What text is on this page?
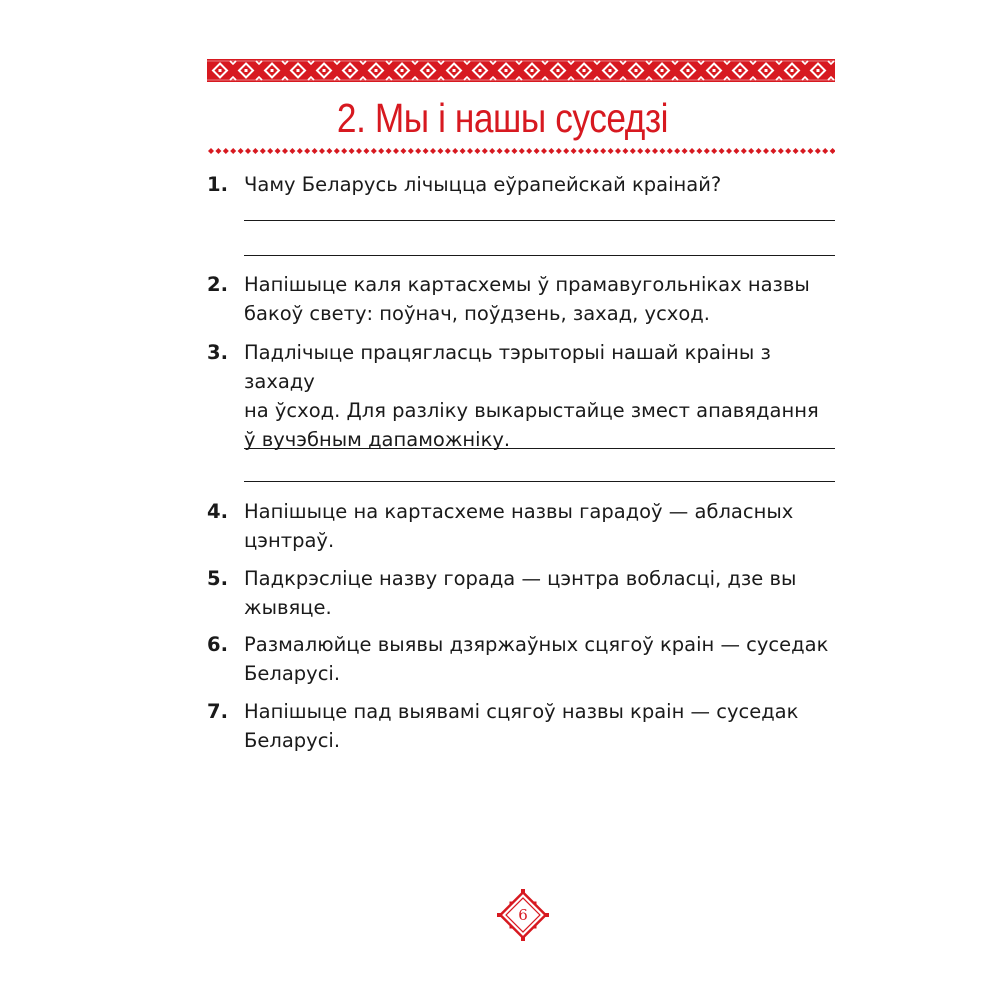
2. Мы і нашы суседзі
1. Чаму Беларусь лічыцца еўрапейскай краінай?
2. Напішыце каля картасхемы ў прамавугольніках назвы
бакоў свету: поўнач, поўдзень, захад, усход.
3. Падлічыце працягласць тэрыторыі нашай краіны з захаду
на ўсход. Для разліку выкарыстайце змест апавядання
ў вучэбным дапаможніку.
4. Напішыце на картасхеме назвы гарадоў — абласных
цэнтраў.
5. Падкрэсліце назву горада — цэнтра вобласці, дзе вы
жывяце.
6. Размалюйце выявы дзяржаўных сцягоў краін — суседак
Беларусі.
7. Напішыце пад выявамі сцягоў назвы краін — суседак
Беларусі.
6
